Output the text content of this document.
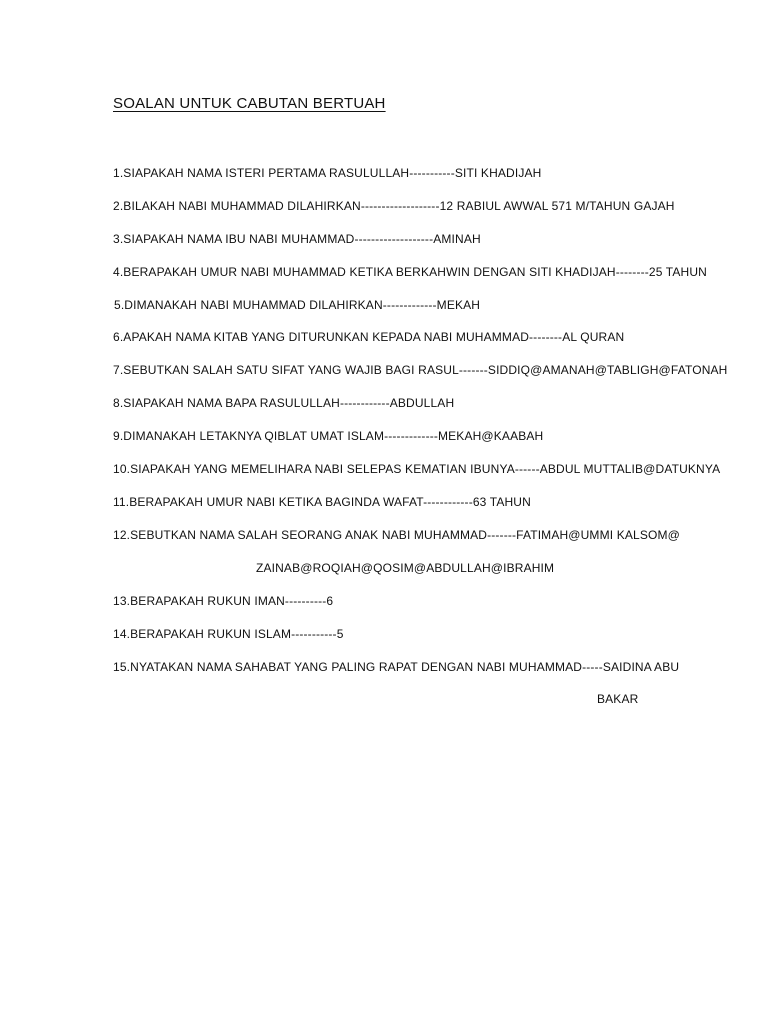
SOALAN UNTUK CABUTAN BERTUAH
1.SIAPAKAH NAMA ISTERI PERTAMA RASULULLAH-----------SITI KHADIJAH
2.BILAKAH NABI MUHAMMAD DILAHIRKAN-------------------12 RABIUL AWWAL 571 M/TAHUN GAJAH
3.SIAPAKAH NAMA IBU NABI MUHAMMAD-------------------AMINAH
4.BERAPAKAH UMUR NABI MUHAMMAD KETIKA BERKAHWIN DENGAN SITI KHADIJAH--------25 TAHUN
5.DIMANAKAH NABI MUHAMMAD DILAHIRKAN-------------MEKAH
6.APAKAH NAMA KITAB YANG DITURUNKAN KEPADA NABI MUHAMMAD--------AL QURAN
7.SEBUTKAN SALAH SATU SIFAT YANG WAJIB BAGI RASUL-------SIDDIQ@AMANAH@TABLIGH@FATONAH
8.SIAPAKAH NAMA BAPA RASULULLAH------------ABDULLAH
9.DIMANAKAH LETAKNYA QIBLAT UMAT ISLAM-------------MEKAH@KAABAH
10.SIAPAKAH YANG MEMELIHARA NABI SELEPAS KEMATIAN IBUNYA------ABDUL MUTTALIB@DATUKNYA
11.BERAPAKAH UMUR NABI KETIKA BAGINDA WAFAT------------63 TAHUN
12.SEBUTKAN NAMA SALAH SEORANG ANAK NABI MUHAMMAD-------FATIMAH@UMMI KALSOM@
ZAINAB@ROQIAH@QOSIM@ABDULLAH@IBRAHIM
13.BERAPAKAH RUKUN IMAN----------6
14.BERAPAKAH RUKUN ISLAM-----------5
15.NYATAKAN NAMA SAHABAT YANG PALING RAPAT DENGAN NABI MUHAMMAD-----SAIDINA ABU
BAKAR
